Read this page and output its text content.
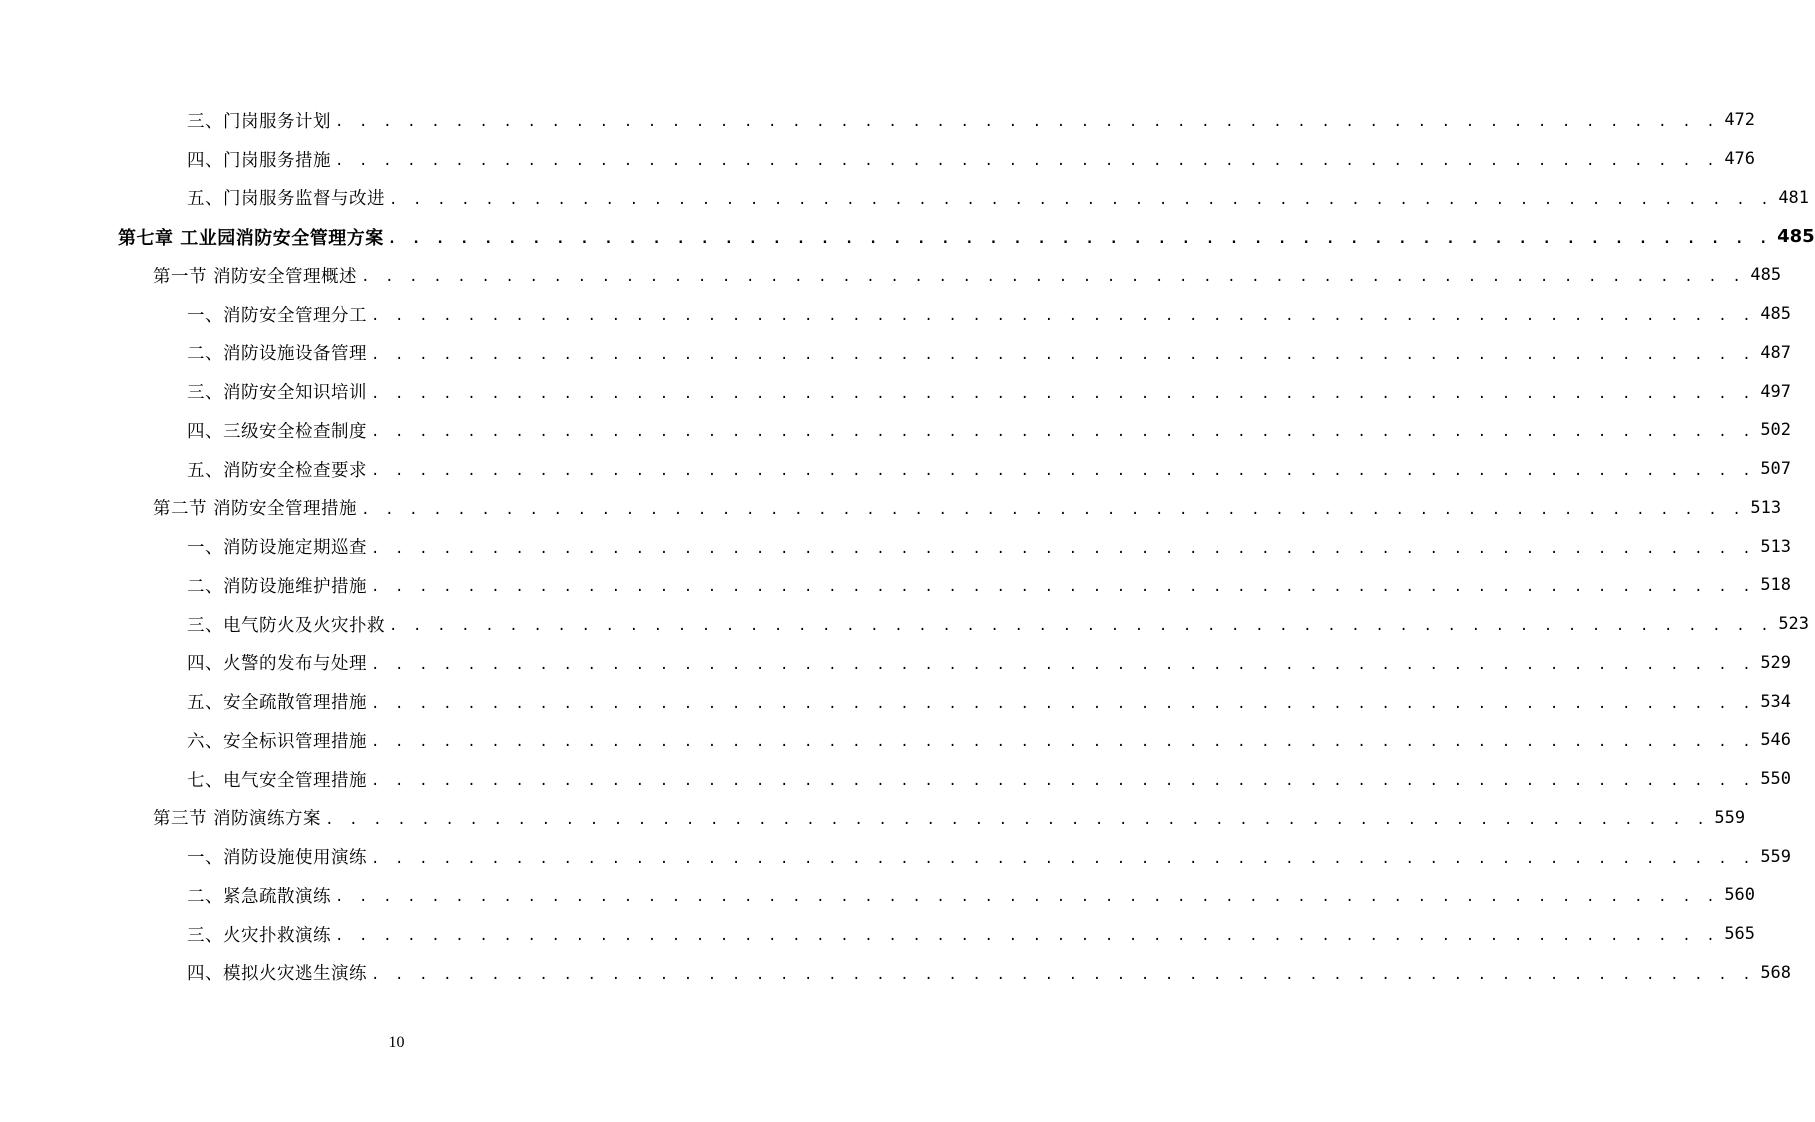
三、门岗服务计划 . . . . . . . . . . . . . . . . . . . . . . . . . . . . . . . . . . . . . . . . . . . . . . . . . . . . . . . . . . 472
四、门岗服务措施 . . . . . . . . . . . . . . . . . . . . . . . . . . . . . . . . . . . . . . . . . . . . . . . . . . . . . . . . . . 476
五、门岗服务监督与改进 . . . . . . . . . . . . . . . . . . . . . . . . . . . . . . . . . . . . . . . . . . . . . . . . . . . . . . . . . . 481
第七章 工业园消防安全管理方案 . . . . . . . . . . . . . . . . . . . . . . . . . . . . . . . . . . . . . . . . . . . . . . . . . . . . . . . . . . 485
第一节 消防安全管理概述 . . . . . . . . . . . . . . . . . . . . . . . . . . . . . . . . . . . . . . . . . . . . . . . . . . . . . . . . . . 485
一、消防安全管理分工 . . . . . . . . . . . . . . . . . . . . . . . . . . . . . . . . . . . . . . . . . . . . . . . . . . . . . . . . . . 485
二、消防设施设备管理 . . . . . . . . . . . . . . . . . . . . . . . . . . . . . . . . . . . . . . . . . . . . . . . . . . . . . . . . . . 487
三、消防安全知识培训 . . . . . . . . . . . . . . . . . . . . . . . . . . . . . . . . . . . . . . . . . . . . . . . . . . . . . . . . . . 497
四、三级安全检查制度 . . . . . . . . . . . . . . . . . . . . . . . . . . . . . . . . . . . . . . . . . . . . . . . . . . . . . . . . . . 502
五、消防安全检查要求 . . . . . . . . . . . . . . . . . . . . . . . . . . . . . . . . . . . . . . . . . . . . . . . . . . . . . . . . . . 507
第二节 消防安全管理措施 . . . . . . . . . . . . . . . . . . . . . . . . . . . . . . . . . . . . . . . . . . . . . . . . . . . . . . . . . . 513
一、消防设施定期巡查 . . . . . . . . . . . . . . . . . . . . . . . . . . . . . . . . . . . . . . . . . . . . . . . . . . . . . . . . . . 513
二、消防设施维护措施 . . . . . . . . . . . . . . . . . . . . . . . . . . . . . . . . . . . . . . . . . . . . . . . . . . . . . . . . . . 518
三、电气防火及火灾扑救 . . . . . . . . . . . . . . . . . . . . . . . . . . . . . . . . . . . . . . . . . . . . . . . . . . . . . . . . . . 523
四、火警的发布与处理 . . . . . . . . . . . . . . . . . . . . . . . . . . . . . . . . . . . . . . . . . . . . . . . . . . . . . . . . . . 529
五、安全疏散管理措施 . . . . . . . . . . . . . . . . . . . . . . . . . . . . . . . . . . . . . . . . . . . . . . . . . . . . . . . . . . 534
六、安全标识管理措施 . . . . . . . . . . . . . . . . . . . . . . . . . . . . . . . . . . . . . . . . . . . . . . . . . . . . . . . . . . 546
七、电气安全管理措施 . . . . . . . . . . . . . . . . . . . . . . . . . . . . . . . . . . . . . . . . . . . . . . . . . . . . . . . . . . 550
第三节 消防演练方案 . . . . . . . . . . . . . . . . . . . . . . . . . . . . . . . . . . . . . . . . . . . . . . . . . . . . . . . . . . 559
一、消防设施使用演练 . . . . . . . . . . . . . . . . . . . . . . . . . . . . . . . . . . . . . . . . . . . . . . . . . . . . . . . . . . 559
二、紧急疏散演练 . . . . . . . . . . . . . . . . . . . . . . . . . . . . . . . . . . . . . . . . . . . . . . . . . . . . . . . . . . 560
三、火灾扑救演练 . . . . . . . . . . . . . . . . . . . . . . . . . . . . . . . . . . . . . . . . . . . . . . . . . . . . . . . . . . 565
四、模拟火灾逃生演练 . . . . . . . . . . . . . . . . . . . . . . . . . . . . . . . . . . . . . . . . . . . . . . . . . . . . . . . . . . 568
10
